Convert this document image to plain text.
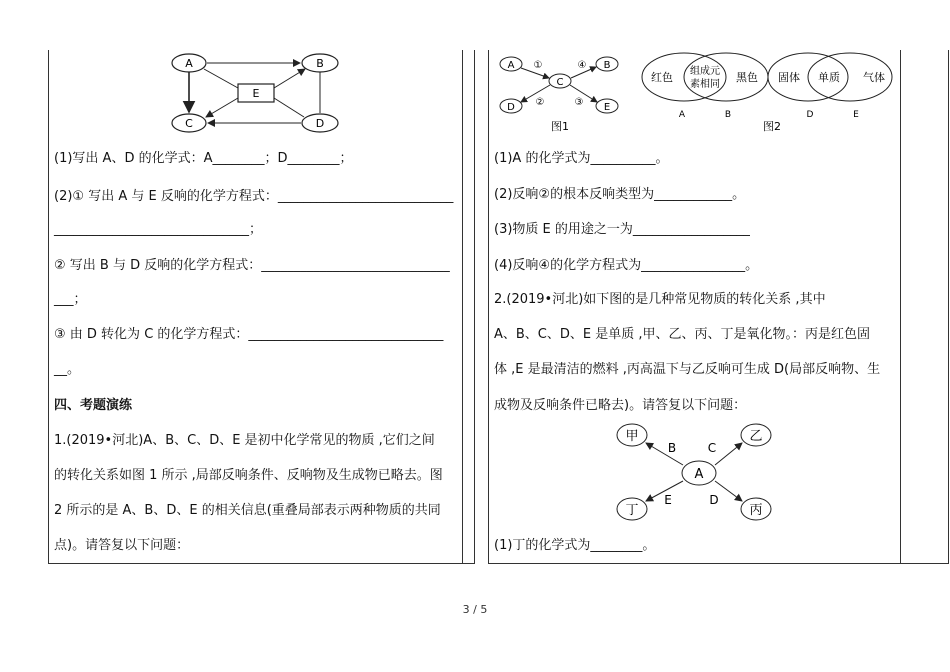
A	B
C	D
E
(1)写出 A、D 的化学式：A________；D________；
(2)① 写出 A 与 E 反响的化学方程式：___________________________
______________________________；
② 写出 B 与 D 反响的化学方程式：_____________________________
___；
③ 由 D 转化为 C 的化学方程式：______________________________
__。
四、考题演练
1.(2019•河北)A、B、C、D、E 是初中化学常见的物质 ,它们之间
的转化关系如图 1 所示 ,局部反响条件、反响物及生成物已略去。图
2 所示的是 A、B、D、E 的相关信息(重叠局部表示两种物质的共同
点)。请答复以下问题：
A	B
C
D	E
①	④
②	③
图1
红色 组成元
素相同
黑色 固体 单质 气体
A	B	D	E
图2
(1)A 的化学式为__________。
(2)反响②的根本反响类型为____________。
(3)物质 E 的用途之一为__________________
(4)反响④的化学方程式为________________。
2.(2019•河北)如下图的是几种常见物质的转化关系 ,其中
A、B、C、D、E 是单质 ,甲、乙、丙、丁是氧化物。：丙是红色固
体 ,E 是最清洁的燃料 ,丙高温下与乙反响可生成 D(局部反响物、生
成物及反响条件已略去)。请答复以下问题：
A
甲	乙
丁	丙
B	C
E	D
(1)丁的化学式为________。
3 / 5
